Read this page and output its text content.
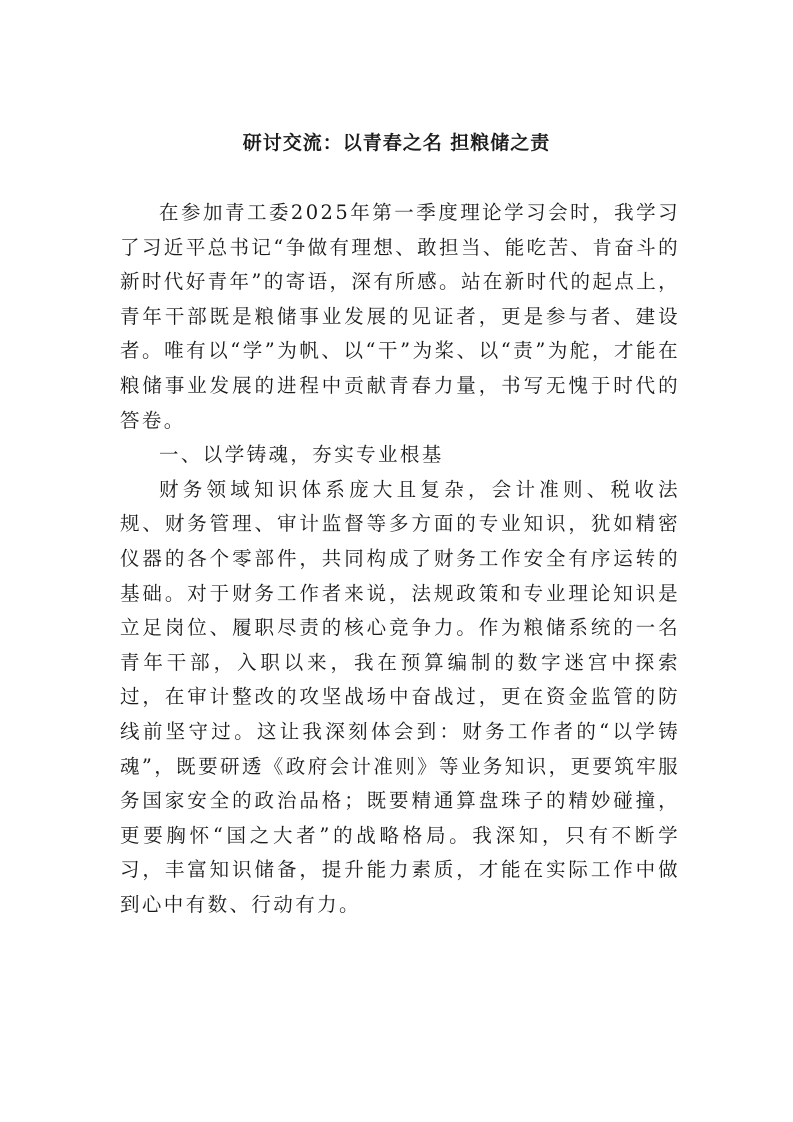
研讨交流：以青春之名 担粮储之责

在参加青工委2025年第一季度理论学习会时，我学习了习近平总书记“争做有理想、敢担当、能吃苦、肯奋斗的新时代好青年”的寄语，深有所感。站在新时代的起点上，青年干部既是粮储事业发展的见证者，更是参与者、建设者。唯有以“学”为帆、以“干”为桨、以“责”为舵，才能在粮储事业发展的进程中贡献青春力量，书写无愧于时代的答卷。

一、以学铸魂，夯实专业根基

财务领域知识体系庞大且复杂，会计准则、税收法规、财务管理、审计监督等多方面的专业知识，犹如精密仪器的各个零部件，共同构成了财务工作安全有序运转的基础。对于财务工作者来说，法规政策和专业理论知识是立足岗位、履职尽责的核心竞争力。作为粮储系统的一名青年干部，入职以来，我在预算编制的数字迷宫中探索过，在审计整改的攻坚战场中奋战过，更在资金监管的防线前坚守过。这让我深刻体会到：财务工作者的“以学铸魂”，既要研透《政府会计准则》等业务知识，更要筑牢服务国家安全的政治品格；既要精通算盘珠子的精妙碰撞，更要胸怀“国之大者”的战略格局。我深知，只有不断学习，丰富知识储备，提升能力素质，才能在实际工作中做到心中有数、行动有力。
